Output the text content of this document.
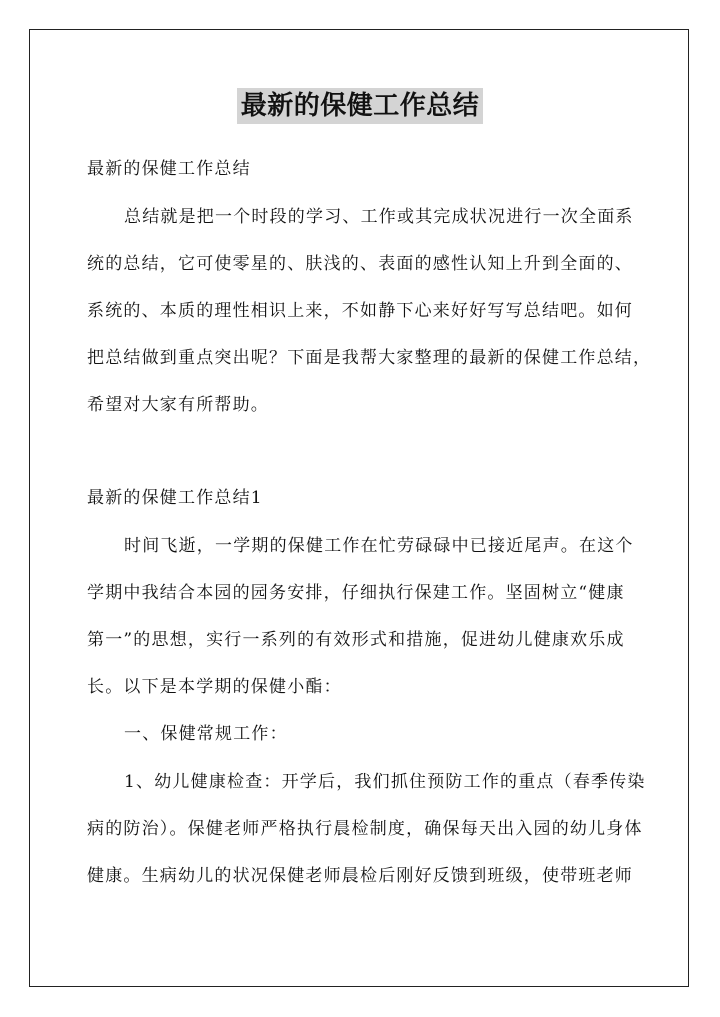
最新的保健工作总结
最新的保健工作总结
总结就是把一个时段的学习、工作或其完成状况进行一次全面系
统的总结，它可使零星的、肤浅的、表面的感性认知上升到全面的、
系统的、本质的理性相识上来，不如静下心来好好写写总结吧。如何
把总结做到重点突出呢？下面是我帮大家整理的最新的保健工作总结，
希望对大家有所帮助。
最新的保健工作总结1
时间飞逝，一学期的保健工作在忙劳碌碌中已接近尾声。在这个
学期中我结合本园的园务安排，仔细执行保建工作。坚固树立“健康
第一”的思想，实行一系列的有效形式和措施，促进幼儿健康欢乐成
长。以下是本学期的保健小酯：
一、保健常规工作：
1、幼儿健康检查：开学后，我们抓住预防工作的重点（春季传染
病的防治）。保健老师严格执行晨检制度，确保每天出入园的幼儿身体
健康。生病幼儿的状况保健老师晨检后刚好反馈到班级，使带班老师
